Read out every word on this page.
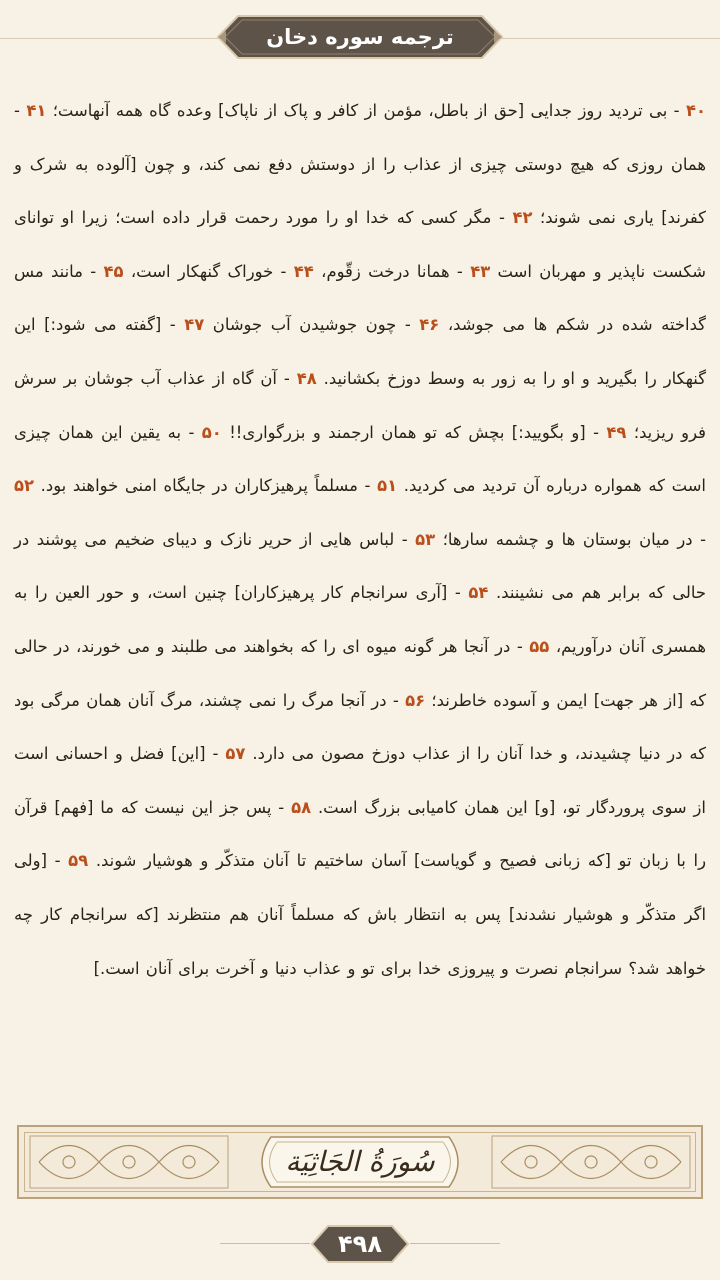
ترجمه سوره دخان

۴۰ - بی تردید روز جدایی [حق از باطل، مؤمن از کافر و پاک از ناپاک] وعده گاه همه آنهاست؛ ۴۱ - همان روزی که هیچ دوستی چیزی از عذاب را از دوستش دفع نمی کند، و چون [آلوده به شرک و کفرند] یاری نمی شوند؛ ۴۲ - مگر کسی که خدا او را مورد رحمت قرار داده است؛ زیرا او توانای شکست ناپذیر و مهربان است ۴۳ - همانا درخت زقّوم، ۴۴ - خوراک گنهکار است، ۴۵ - مانند مس گداخته شده در شکم ها می جوشد، ۴۶ - چون جوشیدن آب جوشان ۴۷ - [گفته می شود:] این گنهکار را بگیرید و او را به زور به وسط دوزخ بکشانید. ۴۸ - آن گاه از عذاب آب جوشان بر سرش فرو ریزید؛ ۴۹ - [و بگویید:] بچش که تو همان ارجمند و بزرگواری!! ۵۰ - به یقین این همان چیزی است که همواره درباره آن تردید می کردید. ۵۱ - مسلماً پرهیزکاران در جایگاه امنی خواهند بود. ۵۲ - در میان بوستان ها و چشمه سارها؛ ۵۳ - لباس هایی از حریر نازک و دیبای ضخیم می پوشند در حالی که برابر هم می نشینند. ۵۴ - [آری سرانجام کار پرهیزکاران] چنین است، و حور العین را به همسری آنان درآوریم، ۵۵ - در آنجا هر گونه میوه ای را که بخواهند می طلبند و می خورند، در حالی که [از هر جهت] ایمن و آسوده خاطرند؛ ۵۶ - در آنجا مرگ را نمی چشند، مرگ آنان همان مرگی بود که در دنیا چشیدند، و خدا آنان را از عذاب دوزخ مصون می دارد. ۵۷ - [این] فضل و احسانی است از سوی پروردگار تو، [و] این همان کامیابی بزرگ است. ۵۸ - پس جز این نیست که ما [فهم] قرآن را با زبان تو [که زبانی فصیح و گویاست] آسان ساختیم تا آنان متذکّر و هوشیار شوند. ۵۹ - [ولی اگر متذکّر و هوشیار نشدند] پس به انتظار باش که مسلماً آنان هم منتظرند [که سرانجام کار چه خواهد شد؟ سرانجام نصرت و پیروزی خدا برای تو و عذاب دنیا و آخرت برای آنان است.]

سُورَةُ الجَاثِيَة
۴۹۸
